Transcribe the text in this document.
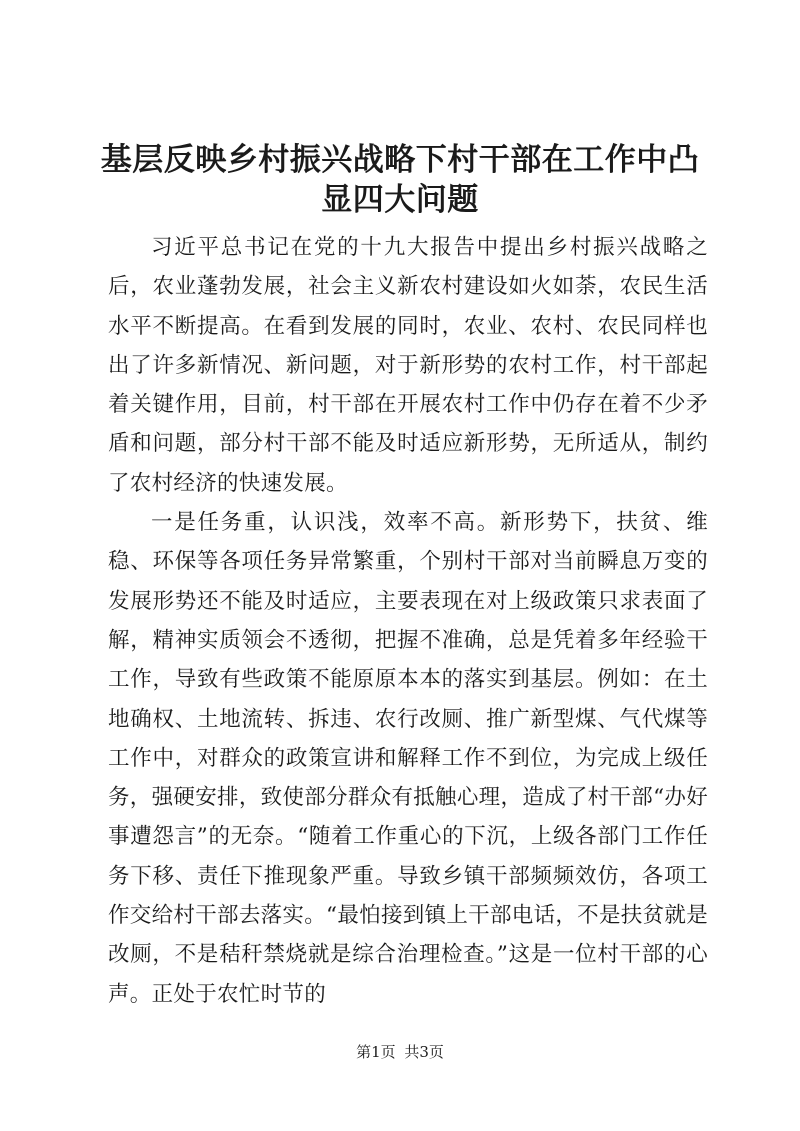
基层反映乡村振兴战略下村干部在工作中凸显四大问题

习近平总书记在党的十九大报告中提出乡村振兴战略之后，农业蓬勃发展，社会主义新农村建设如火如荼，农民生活水平不断提高。在看到发展的同时，农业、农村、农民同样也出了许多新情况、新问题，对于新形势的农村工作，村干部起着关键作用，目前，村干部在开展农村工作中仍存在着不少矛盾和问题，部分村干部不能及时适应新形势，无所适从，制约了农村经济的快速发展。

一是任务重，认识浅，效率不高。新形势下，扶贫、维稳、环保等各项任务异常繁重，个别村干部对当前瞬息万变的发展形势还不能及时适应，主要表现在对上级政策只求表面了解，精神实质领会不透彻，把握不准确，总是凭着多年经验干工作，导致有些政策不能原原本本的落实到基层。例如：在土地确权、土地流转、拆违、农行改厕、推广新型煤、气代煤等工作中，对群众的政策宣讲和解释工作不到位，为完成上级任务，强硬安排，致使部分群众有抵触心理，造成了村干部“办好事遭怨言”的无奈。“随着工作重心的下沉，上级各部门工作任务下移、责任下推现象严重。导致乡镇干部频频效仿，各项工作交给村干部去落实。“最怕接到镇上干部电话，不是扶贫就是改厕，不是秸秆禁烧就是综合治理检查。”这是一位村干部的心声。正处于农忙时节的

第1页 共3页
